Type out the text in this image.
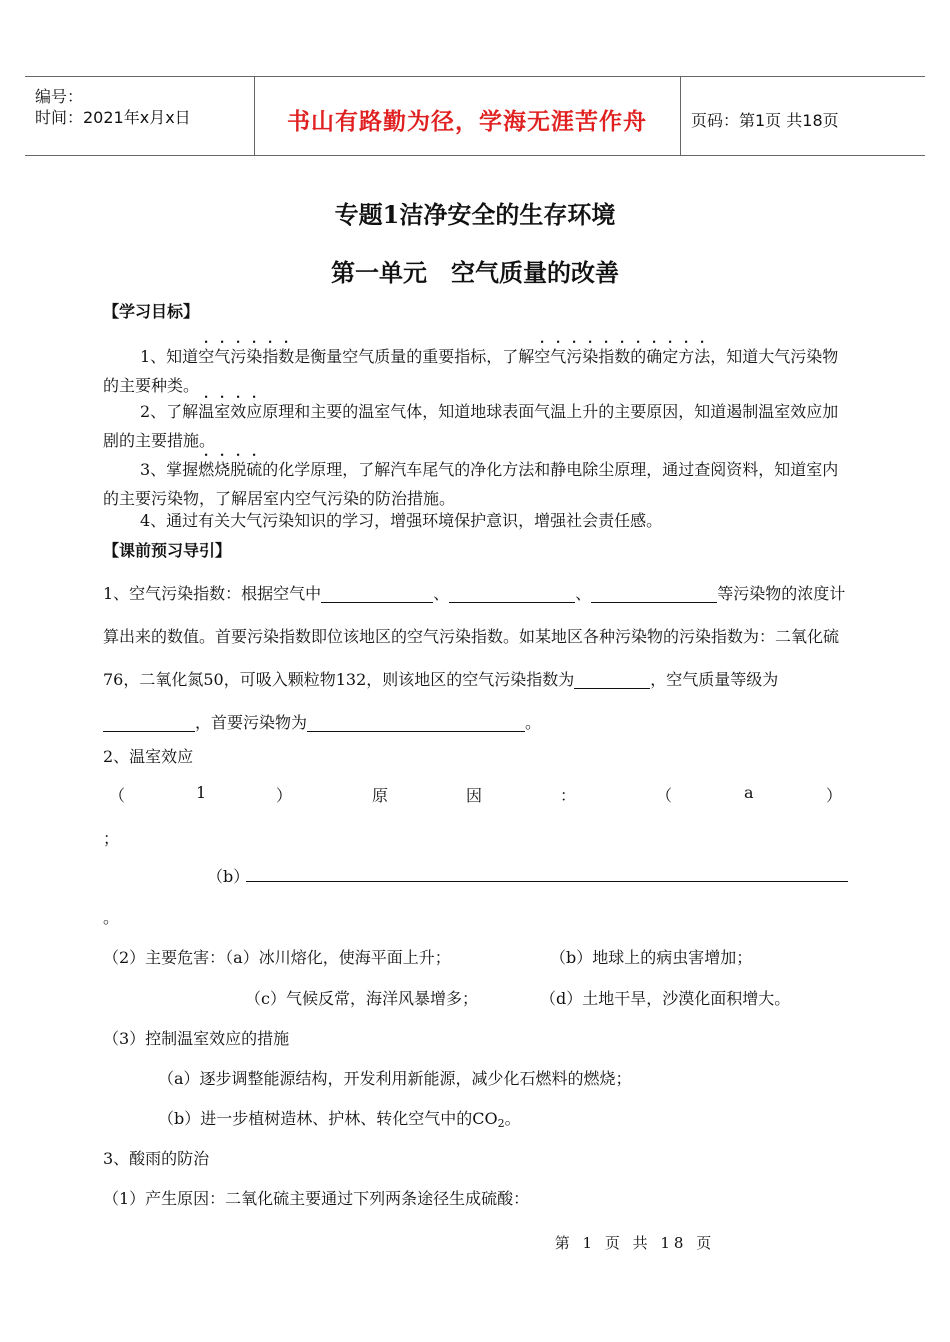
编号：
时间：2021年x月x日	书山有路勤为径，学海无涯苦作舟	页码：第1页 共18页
专题1洁净安全的生存环境
第一单元　空气质量的改善
【学习目标】

1、知道空气污染指数是衡量空气质量的重要指标，了解空气污染指数的确定方法，知道大气污染物的主要种类。

2、了解温室效应原理和主要的温室气体，知道地球表面气温上升的主要原因，知道遏制温室效应加剧的主要措施。

3、掌握燃烧脱硫的化学原理，了解汽车尾气的净化方法和静电除尘原理，通过查阅资料，知道室内的主要污染物，了解居室内空气污染的防治措施。

4、通过有关大气污染知识的学习，增强环境保护意识，增强社会责任感。

【课前预习导引】

1、空气污染指数：根据空气中	、	、	等污染物的浓度计算出来的数值。首要污染指数即位该地区的空气污染指数。如某地区各种污染物的污染指数为：二氧化硫76，二氧化氮50，可吸入颗粒物132，则该地区的空气污染指数为	，空气质量等级为，首要污染物为	。

2、温室效应
（	1	）	原	因	：	（	a	）
；
（b）
。
（2）主要危害：（a）冰川熔化，使海平面上升；	（b）地球上的病虫害增加；
（c）气候反常，海洋风暴增多；	（d）土地干旱，沙漠化面积增大。
（3）控制温室效应的措施
（a）逐步调整能源结构，开发利用新能源，减少化石燃料的燃烧；
（b）进一步植树造林、护林、转化空气中的$CO_2$。
3、酸雨的防治
（1）产生原因：二氧化硫主要通过下列两条途径生成硫酸：
第 1 页 共 18 页
